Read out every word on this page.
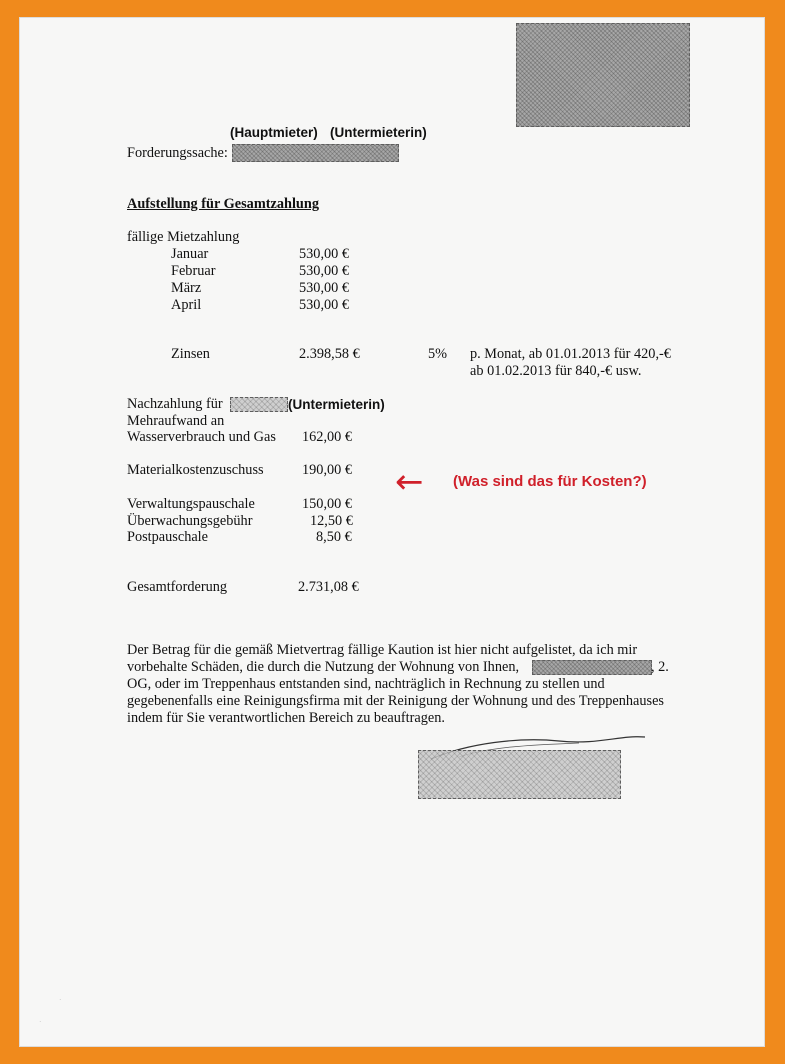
(Hauptmieter) (Untermieterin)
Forderungssache:
Aufstellung für Gesamtzahlung
fällige Mietzahlung
Januar	530,00 €
Februar	530,00 €
März	530,00 €
April	530,00 €
Zinsen	2.398,58 €	5% p. Monat, ab 01.01.2013 für 420,-€
ab 01.02.2013 für 840,-€ usw.
Nachzahlung für	(Untermieterin)
Mehraufwand an
Wasserverbrauch und Gas 162,00 €
Materialkostenzuschuss	190,00 € ← (Was sind das für Kosten?)
Verwaltungspauschale	150,00 €
Überwachungsgebühr	12,50 €
Postpauschale	8,50 €
Gesamtforderung	2.731,08 €
Der Betrag für die gemäß Mietvertrag fällige Kaution ist hier nicht aufgelistet, da ich mir
vorbehalte Schäden, die durch die Nutzung der Wohnung von Ihnen,	, 2.
OG, oder im Treppenhaus entstanden sind, nachträglich in Rechnung zu stellen und
gegebenenfalls eine Reinigungsfirma mit der Reinigung der Wohnung und des Treppenhauses
indem für Sie verantwortlichen Bereich zu beauftragen.
.
.
